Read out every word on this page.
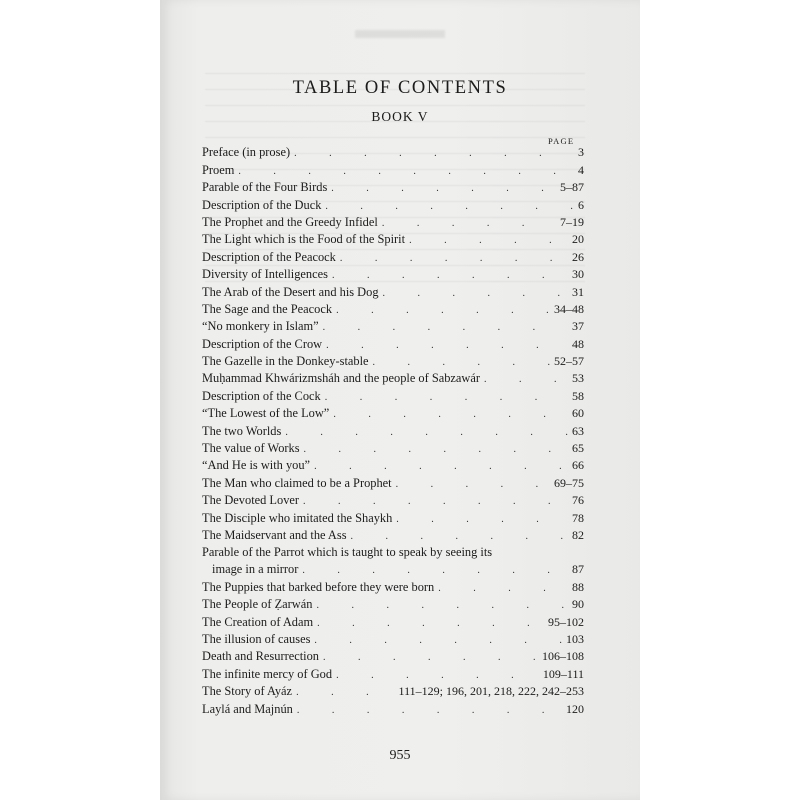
TABLE OF CONTENTS
BOOK V
PAGE
Preface (in prose) . . .	3
Proem . . .	4
Parable of the Four Birds . . .	5–87
Description of the Duck . . .	6
The Prophet and the Greedy Infidel . . .	7–19
The Light which is the Food of the Spirit . . .	20
Description of the Peacock . . .	26
Diversity of Intelligences . . .	30
The Arab of the Desert and his Dog . . .	31
The Sage and the Peacock . . .	34–48
“No monkery in Islam” . . .	37
Description of the Crow . . .	48
The Gazelle in the Donkey-stable . . .	52–57
Muḥammad Khwárizmsháh and the people of Sabzawár . . .	53
Description of the Cock . . .	58
“The Lowest of the Low” . . .	60
The two Worlds . . .	63
The value of Works . . .	65
“And He is with you” . . .	66
The Man who claimed to be a Prophet . . .	69–75
The Devoted Lover . . .	76
The Disciple who imitated the Shaykh . . .	78
The Maidservant and the Ass . . .	82
Parable of the Parrot which is taught to speak by seeing its
image in a mirror . . .	87
The Puppies that barked before they were born . . .	88
The People of Ẓarwán . . .	90
The Creation of Adam . . .	95–102
The illusion of causes . . .	103
Death and Resurrection . . .	106–108
The infinite mercy of God . . .	109–111
The Story of Ayáz . . .	111–129; 196, 201, 218, 222, 242–253
Laylá and Majnún . . .	120
955
